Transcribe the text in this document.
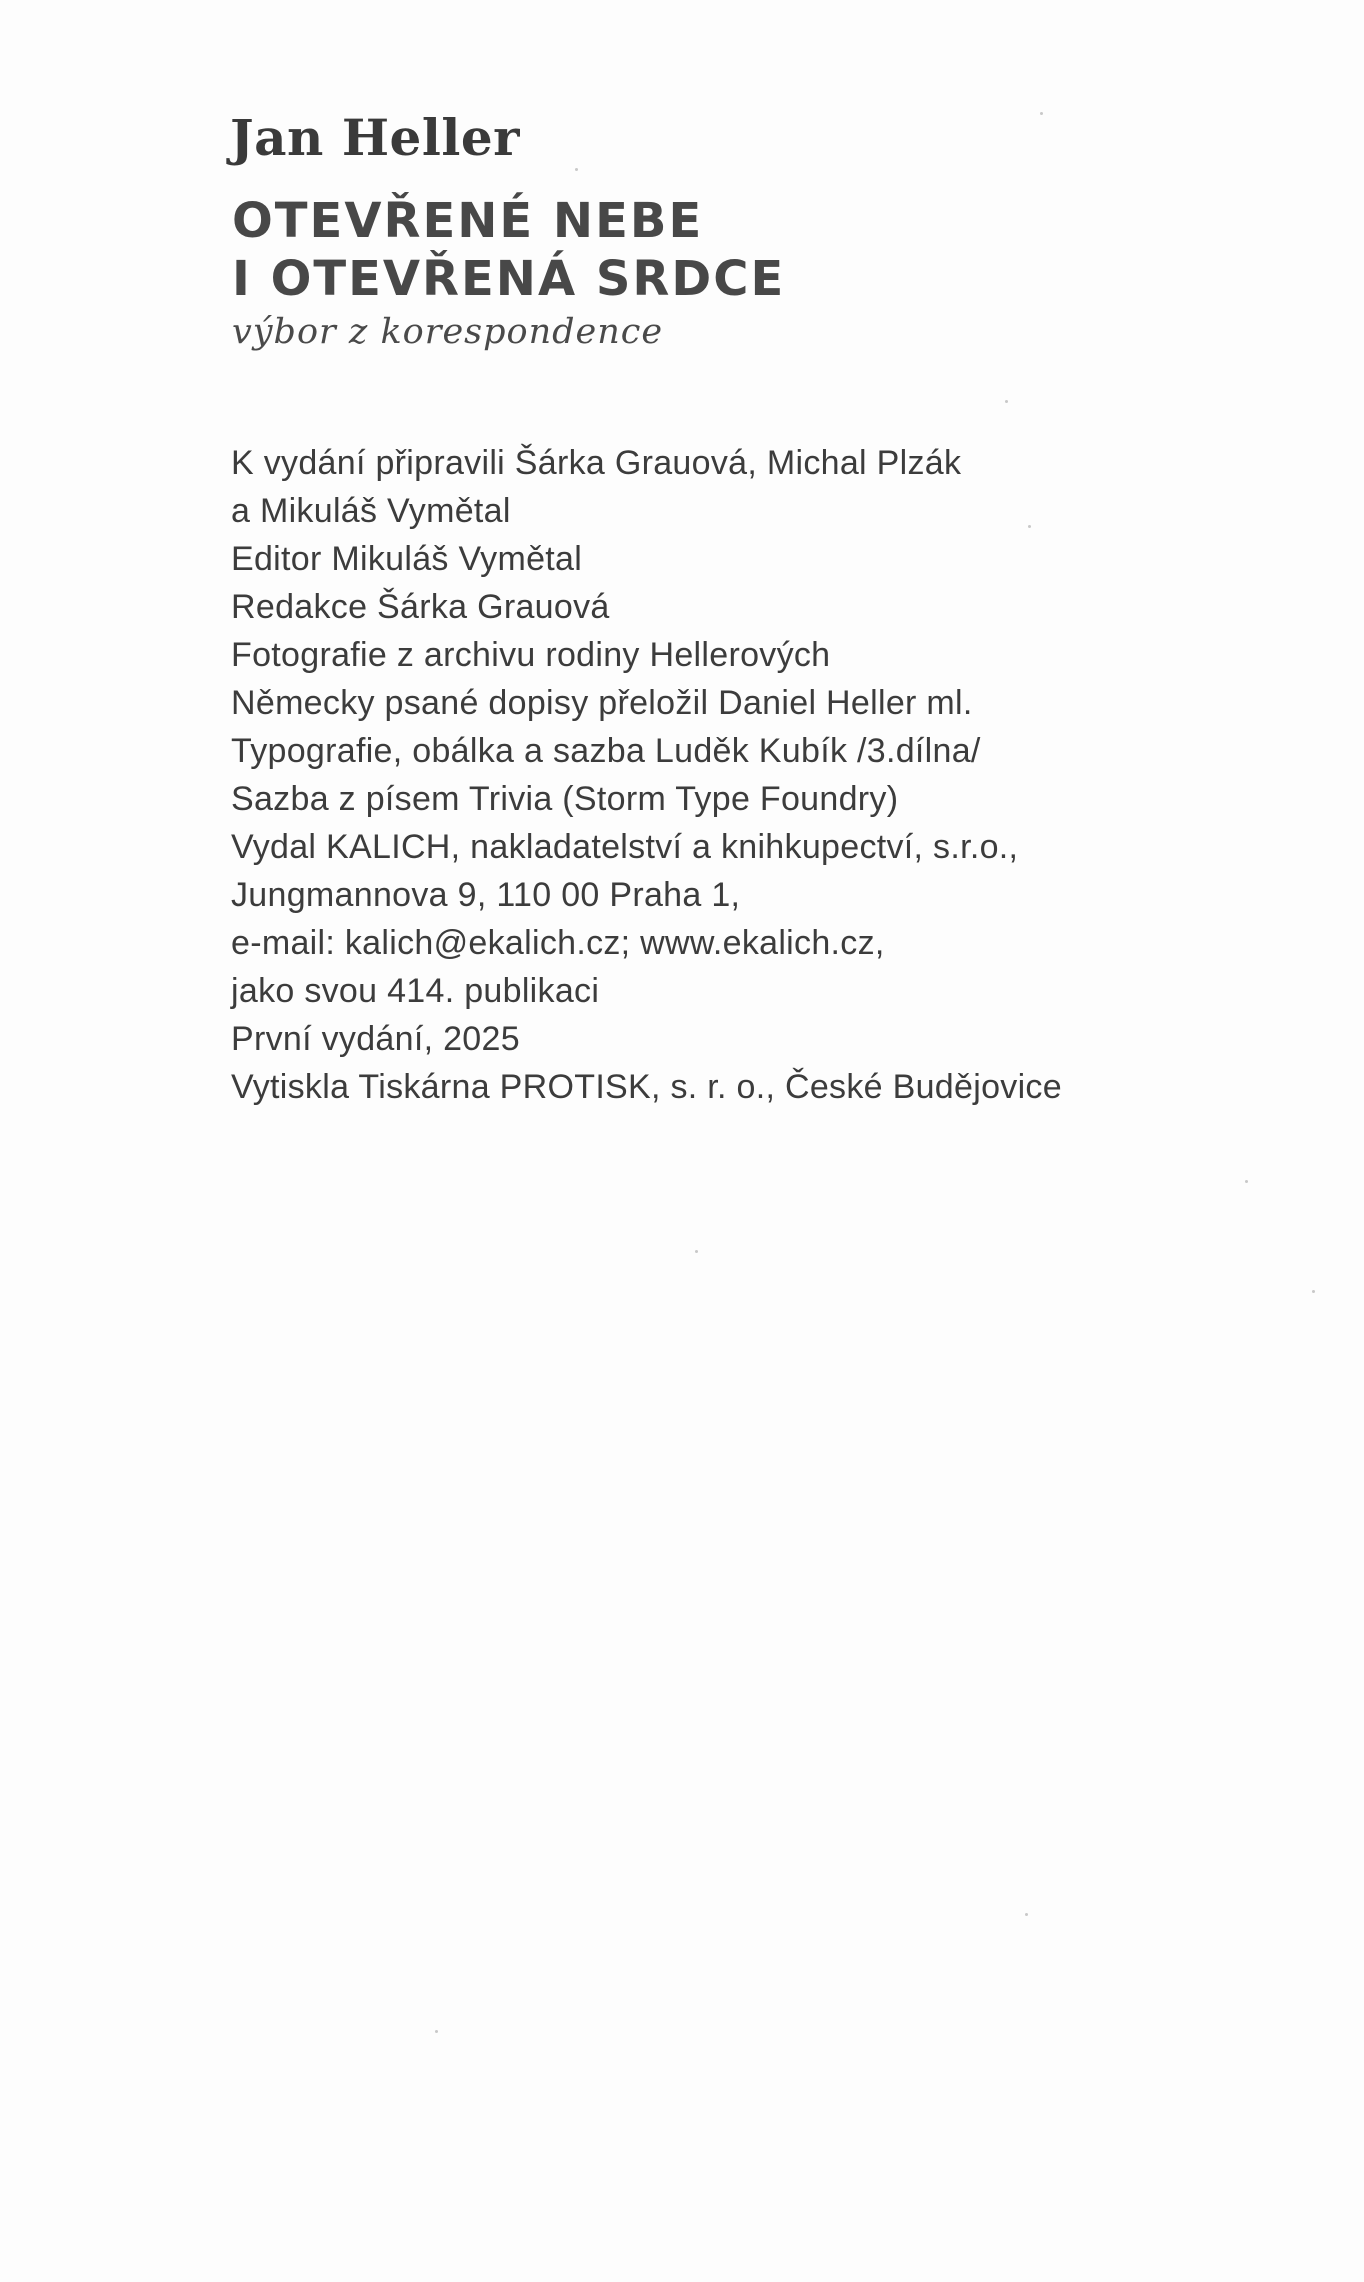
Jan Heller
OTEVŘENÉ NEBE
I OTEVŘENÁ SRDCE
výbor z korespondence
K vydání připravili Šárka Grauová, Michal Plzák
a Mikuláš Vymětal
Editor Mikuláš Vymětal
Redakce Šárka Grauová
Fotografie z archivu rodiny Hellerových
Německy psané dopisy přeložil Daniel Heller ml.
Typografie, obálka a sazba Luděk Kubík /3.dílna/
Sazba z písem Trivia (Storm Type Foundry)
Vydal KALICH, nakladatelství a knihkupectví, s.r.o.,
Jungmannova 9, 110 00 Praha 1,
e-mail: kalich@ekalich.cz; www.ekalich.cz,
jako svou 414. publikaci
První vydání, 2025
Vytiskla Tiskárna PROTISK, s. r. o., České Budějovice
